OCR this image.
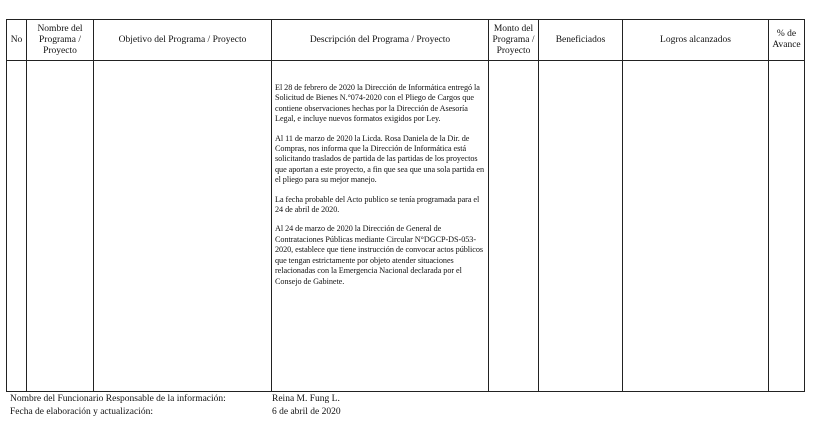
No	Nombre del Programa / Proyecto	Objetivo del Programa / Proyecto	Descripción del Programa / Proyecto	Monto del Programa / Proyecto	Beneficiados	Logros alcanzados	% de Avance

			El 28 de febrero de 2020 la Dirección de Informática entregó la Solicitud de Bienes N.°074-2020 con el Pliego de Cargos que contiene observaciones hechas por la Dirección de Asesoría Legal, e incluye nuevos formatos exigidos por Ley.

Al 11 de marzo de 2020 la Licda. Rosa Daniela de la Dir. de Compras, nos informa que la Dirección de Informática está solicitando traslados de partida de las partidas de los proyectos que aportan a este proyecto, a fin que sea que una sola partida en el pliego para su mejor manejo.

La fecha probable del Acto publico se tenía programada para el 24 de abril de 2020.

Al 24 de marzo de 2020 la Dirección de General de Contrataciones Públicas mediante Circular N°DGCP-DS-053-2020, establece que tiene instrucción de convocar actos públicos que tengan estrictamente por objeto atender situaciones relacionadas con la Emergencia Nacional declarada por el Consejo de Gabinete.				

Nombre del Funcionario Responsable de la información:	Reina M. Fung L.
Fecha de elaboración y actualización:	6 de abril de 2020
